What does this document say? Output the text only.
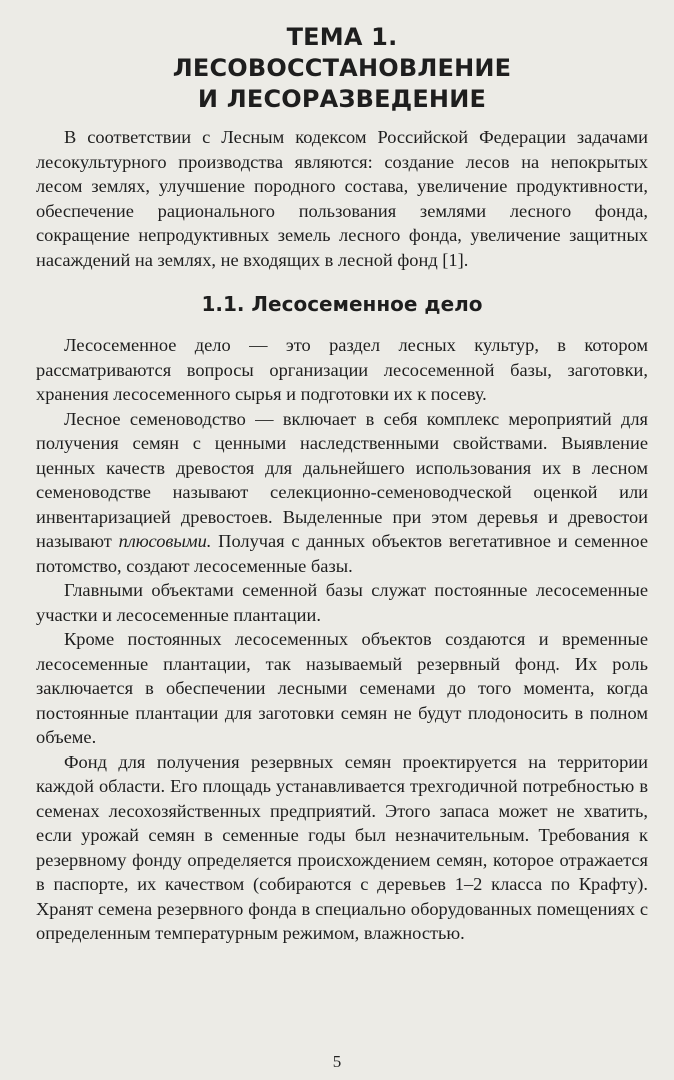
ТЕМА 1.
ЛЕСОВОССТАНОВЛЕНИЕ
И ЛЕСОРАЗВЕДЕНИЕ

В соответствии с Лесным кодексом Российской Федерации задачами лесокультурного производства являются: создание лесов на непокрытых лесом землях, улучшение породного состава, увеличение продуктивности, обеспечение рационального пользования землями лесного фонда, сокращение непродуктивных земель лесного фонда, увеличение защитных насаждений на землях, не входящих в лесной фонд [1].

1.1. Лесосеменное дело

Лесосеменное дело — это раздел лесных культур, в котором рассматриваются вопросы организации лесосеменной базы, заготовки, хранения лесосеменного сырья и подготовки их к посеву.

Лесное семеноводство — включает в себя комплекс мероприятий для получения семян с ценными наследственными свойствами. Выявление ценных качеств древостоя для дальнейшего использования их в лесном семеноводстве называют селекционно-семеноводческой оценкой или инвентаризацией древостоев. Выделенные при этом деревья и древостои называют плюсовыми. Получая с данных объектов вегетативное и семенное потомство, создают лесосеменные базы.

Главными объектами семенной базы служат постоянные лесосеменные участки и лесосеменные плантации.

Кроме постоянных лесосеменных объектов создаются и временные лесосеменные плантации, так называемый резервный фонд. Их роль заключается в обеспечении лесными семенами до того момента, когда постоянные плантации для заготовки семян не будут плодоносить в полном объеме.

Фонд для получения резервных семян проектируется на территории каждой области. Его площадь устанавливается трехгодичной потребностью в семенах лесохозяйственных предприятий. Этого запаса может не хватить, если урожай семян в семенные годы был незначительным. Требования к резервному фонду определяется происхождением семян, которое отражается в паспорте, их качеством (собираются с деревьев 1–2 класса по Крафту). Хранят семена резервного фонда в специально оборудованных помещениях с определенным температурным режимом, влажностью.

5
